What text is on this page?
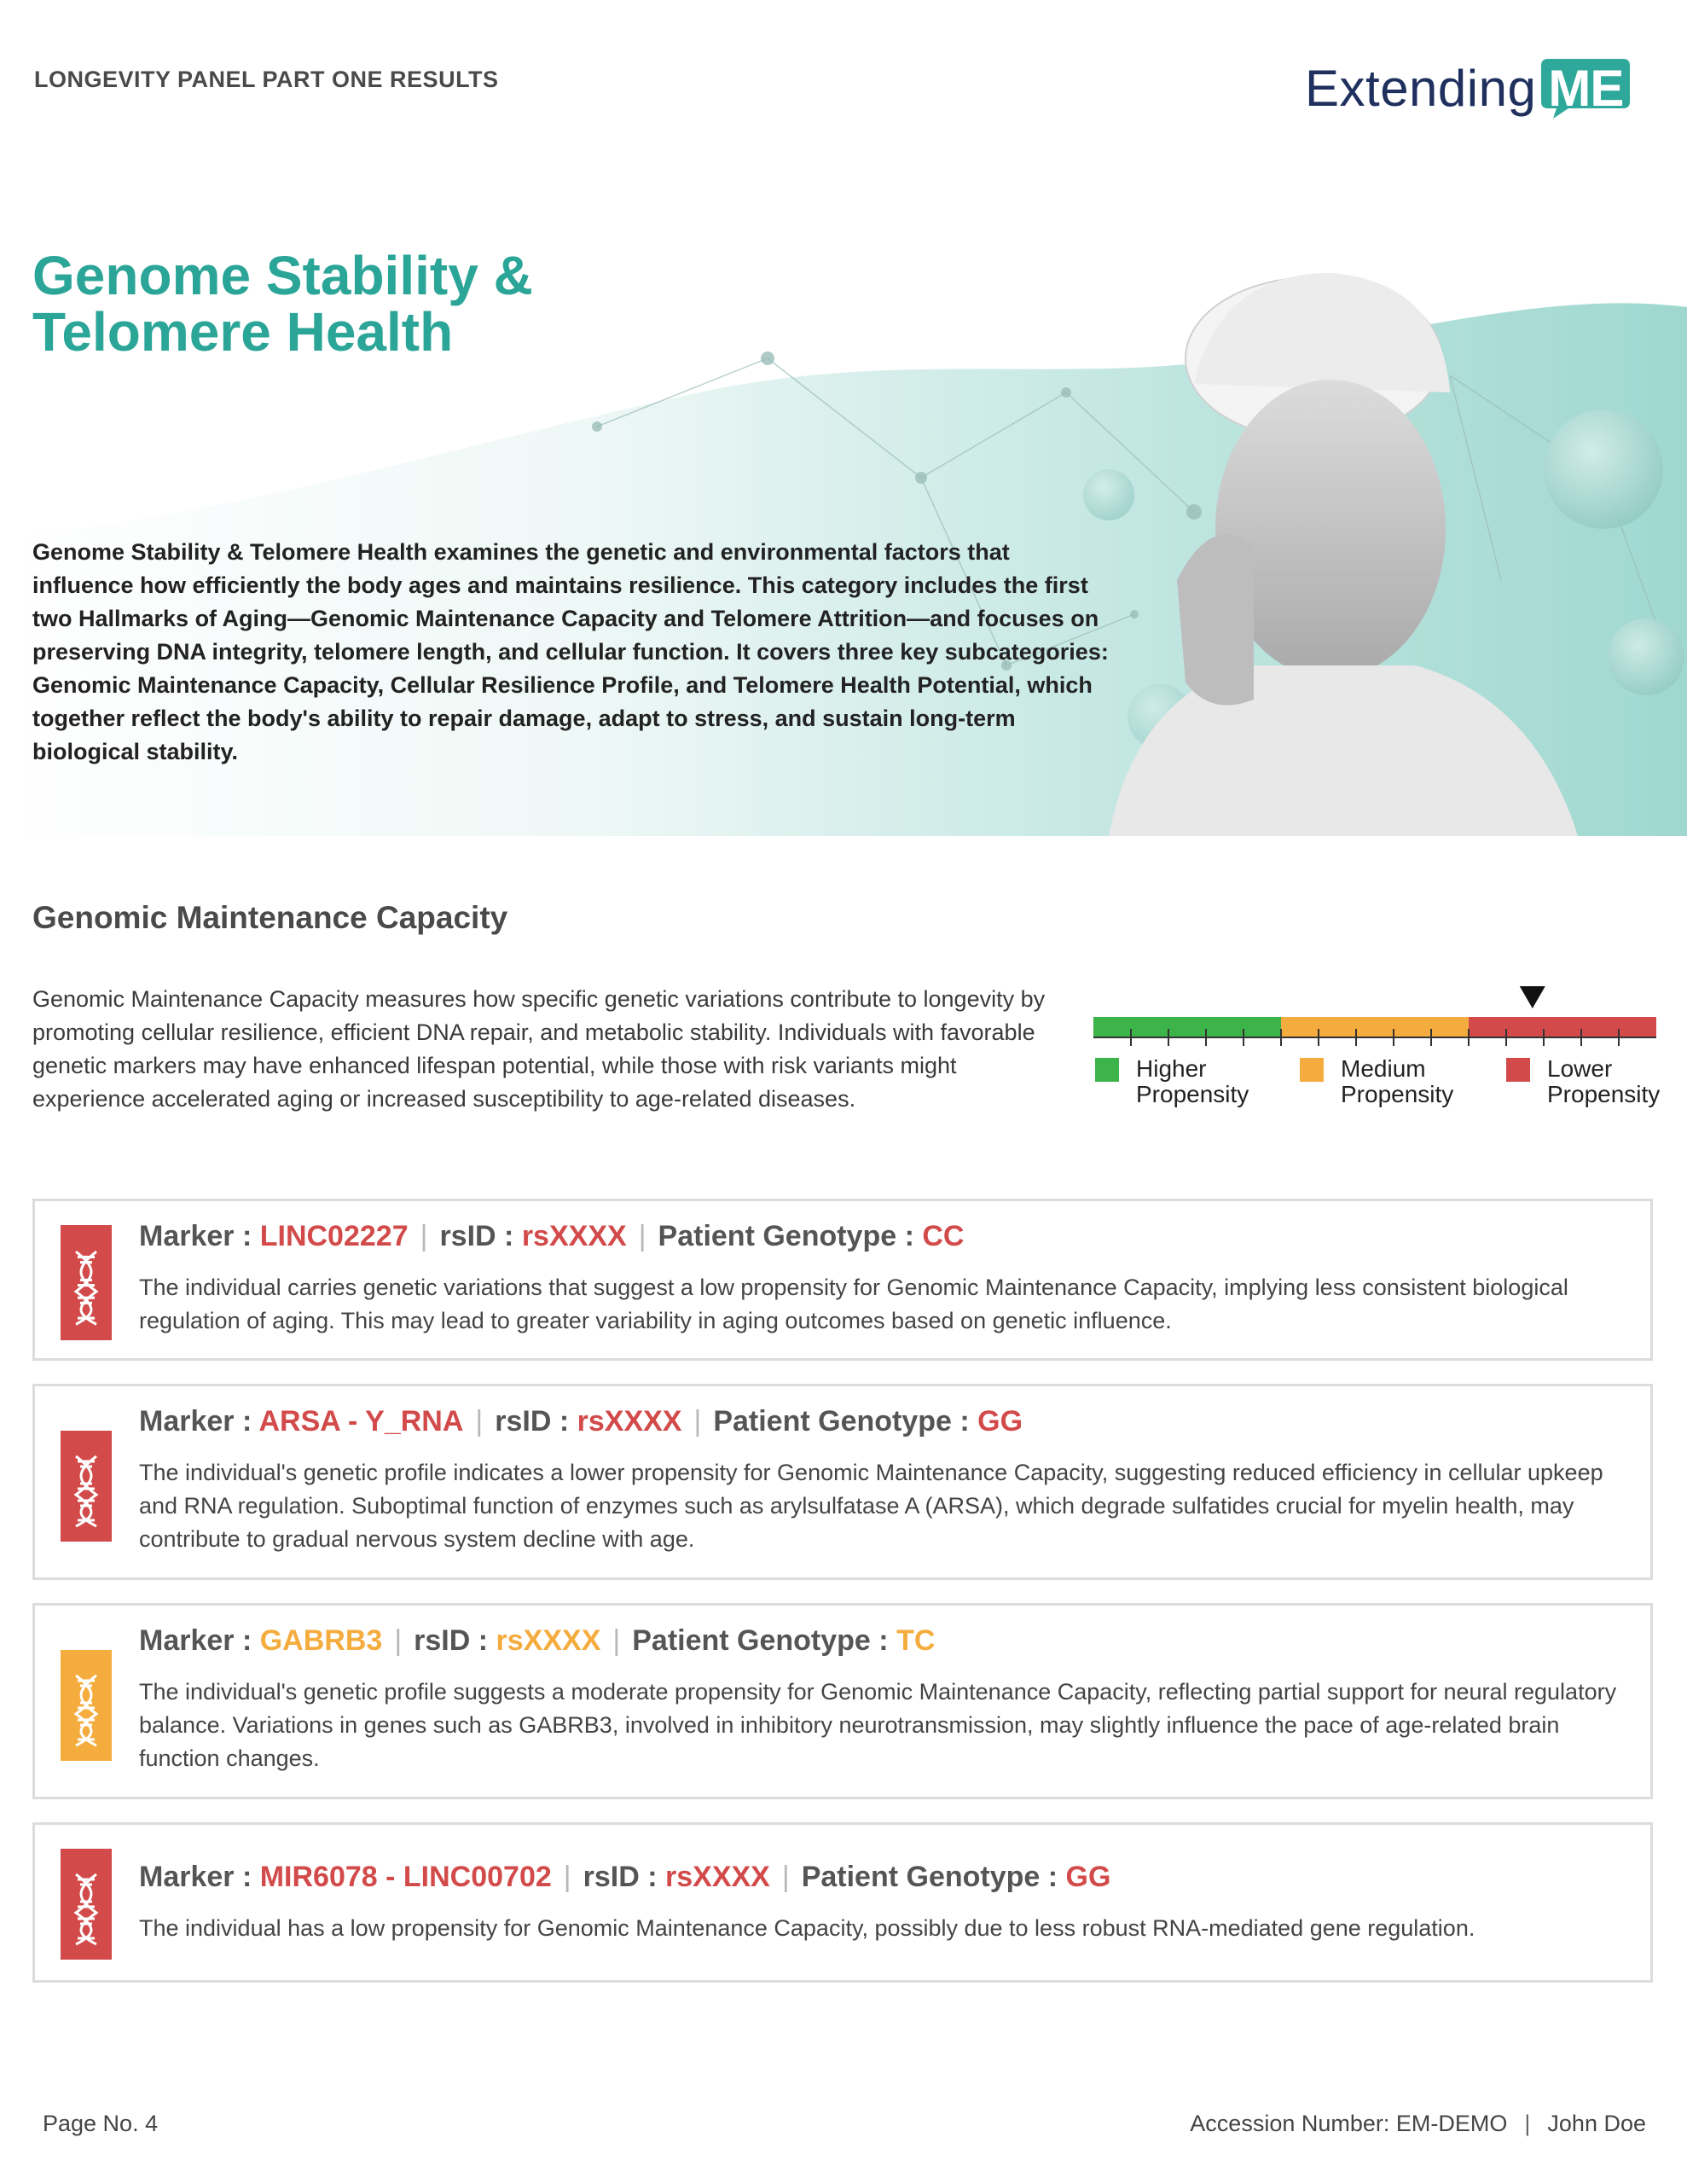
LONGEVITY PANEL PART ONE RESULTS	Extending ME
Genome Stability &
Telomere Health
Genome Stability & Telomere Health examines the genetic and environmental factors that influence how efficiently the body ages and maintains resilience. This category includes the first two Hallmarks of Aging—Genomic Maintenance Capacity and Telomere Attrition—and focuses on preserving DNA integrity, telomere length, and cellular function. It covers three key subcategories: Genomic Maintenance Capacity, Cellular Resilience Profile, and Telomere Health Potential, which together reflect the body's ability to repair damage, adapt to stress, and sustain long-term biological stability.
Genomic Maintenance Capacity
Genomic Maintenance Capacity measures how specific genetic variations contribute to longevity by promoting cellular resilience, efficient DNA repair, and metabolic stability. Individuals with favorable genetic markers may have enhanced lifespan potential, while those with risk variants might experience accelerated aging or increased susceptibility to age-related diseases.
Higher
Propensity
Medium
Propensity
Lower
Propensity
Marker : LINC02227 | rsID : rsXXXX | Patient Genotype : CC
The individual carries genetic variations that suggest a low propensity for Genomic Maintenance Capacity, implying less consistent biological regulation of aging. This may lead to greater variability in aging outcomes based on genetic influence.
Marker : ARSA - Y_RNA | rsID : rsXXXX | Patient Genotype : GG
The individual's genetic profile indicates a lower propensity for Genomic Maintenance Capacity, suggesting reduced efficiency in cellular upkeep and RNA regulation. Suboptimal function of enzymes such as arylsulfatase A (ARSA), which degrade sulfatides crucial for myelin health, may contribute to gradual nervous system decline with age.
Marker : GABRB3 | rsID : rsXXXX | Patient Genotype : TC
The individual's genetic profile suggests a moderate propensity for Genomic Maintenance Capacity, reflecting partial support for neural regulatory balance. Variations in genes such as GABRB3, involved in inhibitory neurotransmission, may slightly influence the pace of age-related brain function changes.
Marker : MIR6078 - LINC00702 | rsID : rsXXXX | Patient Genotype : GG
The individual has a low propensity for Genomic Maintenance Capacity, possibly due to less robust RNA-mediated gene regulation.
Page No. 4	Accession Number: EM-DEMO | John Doe
